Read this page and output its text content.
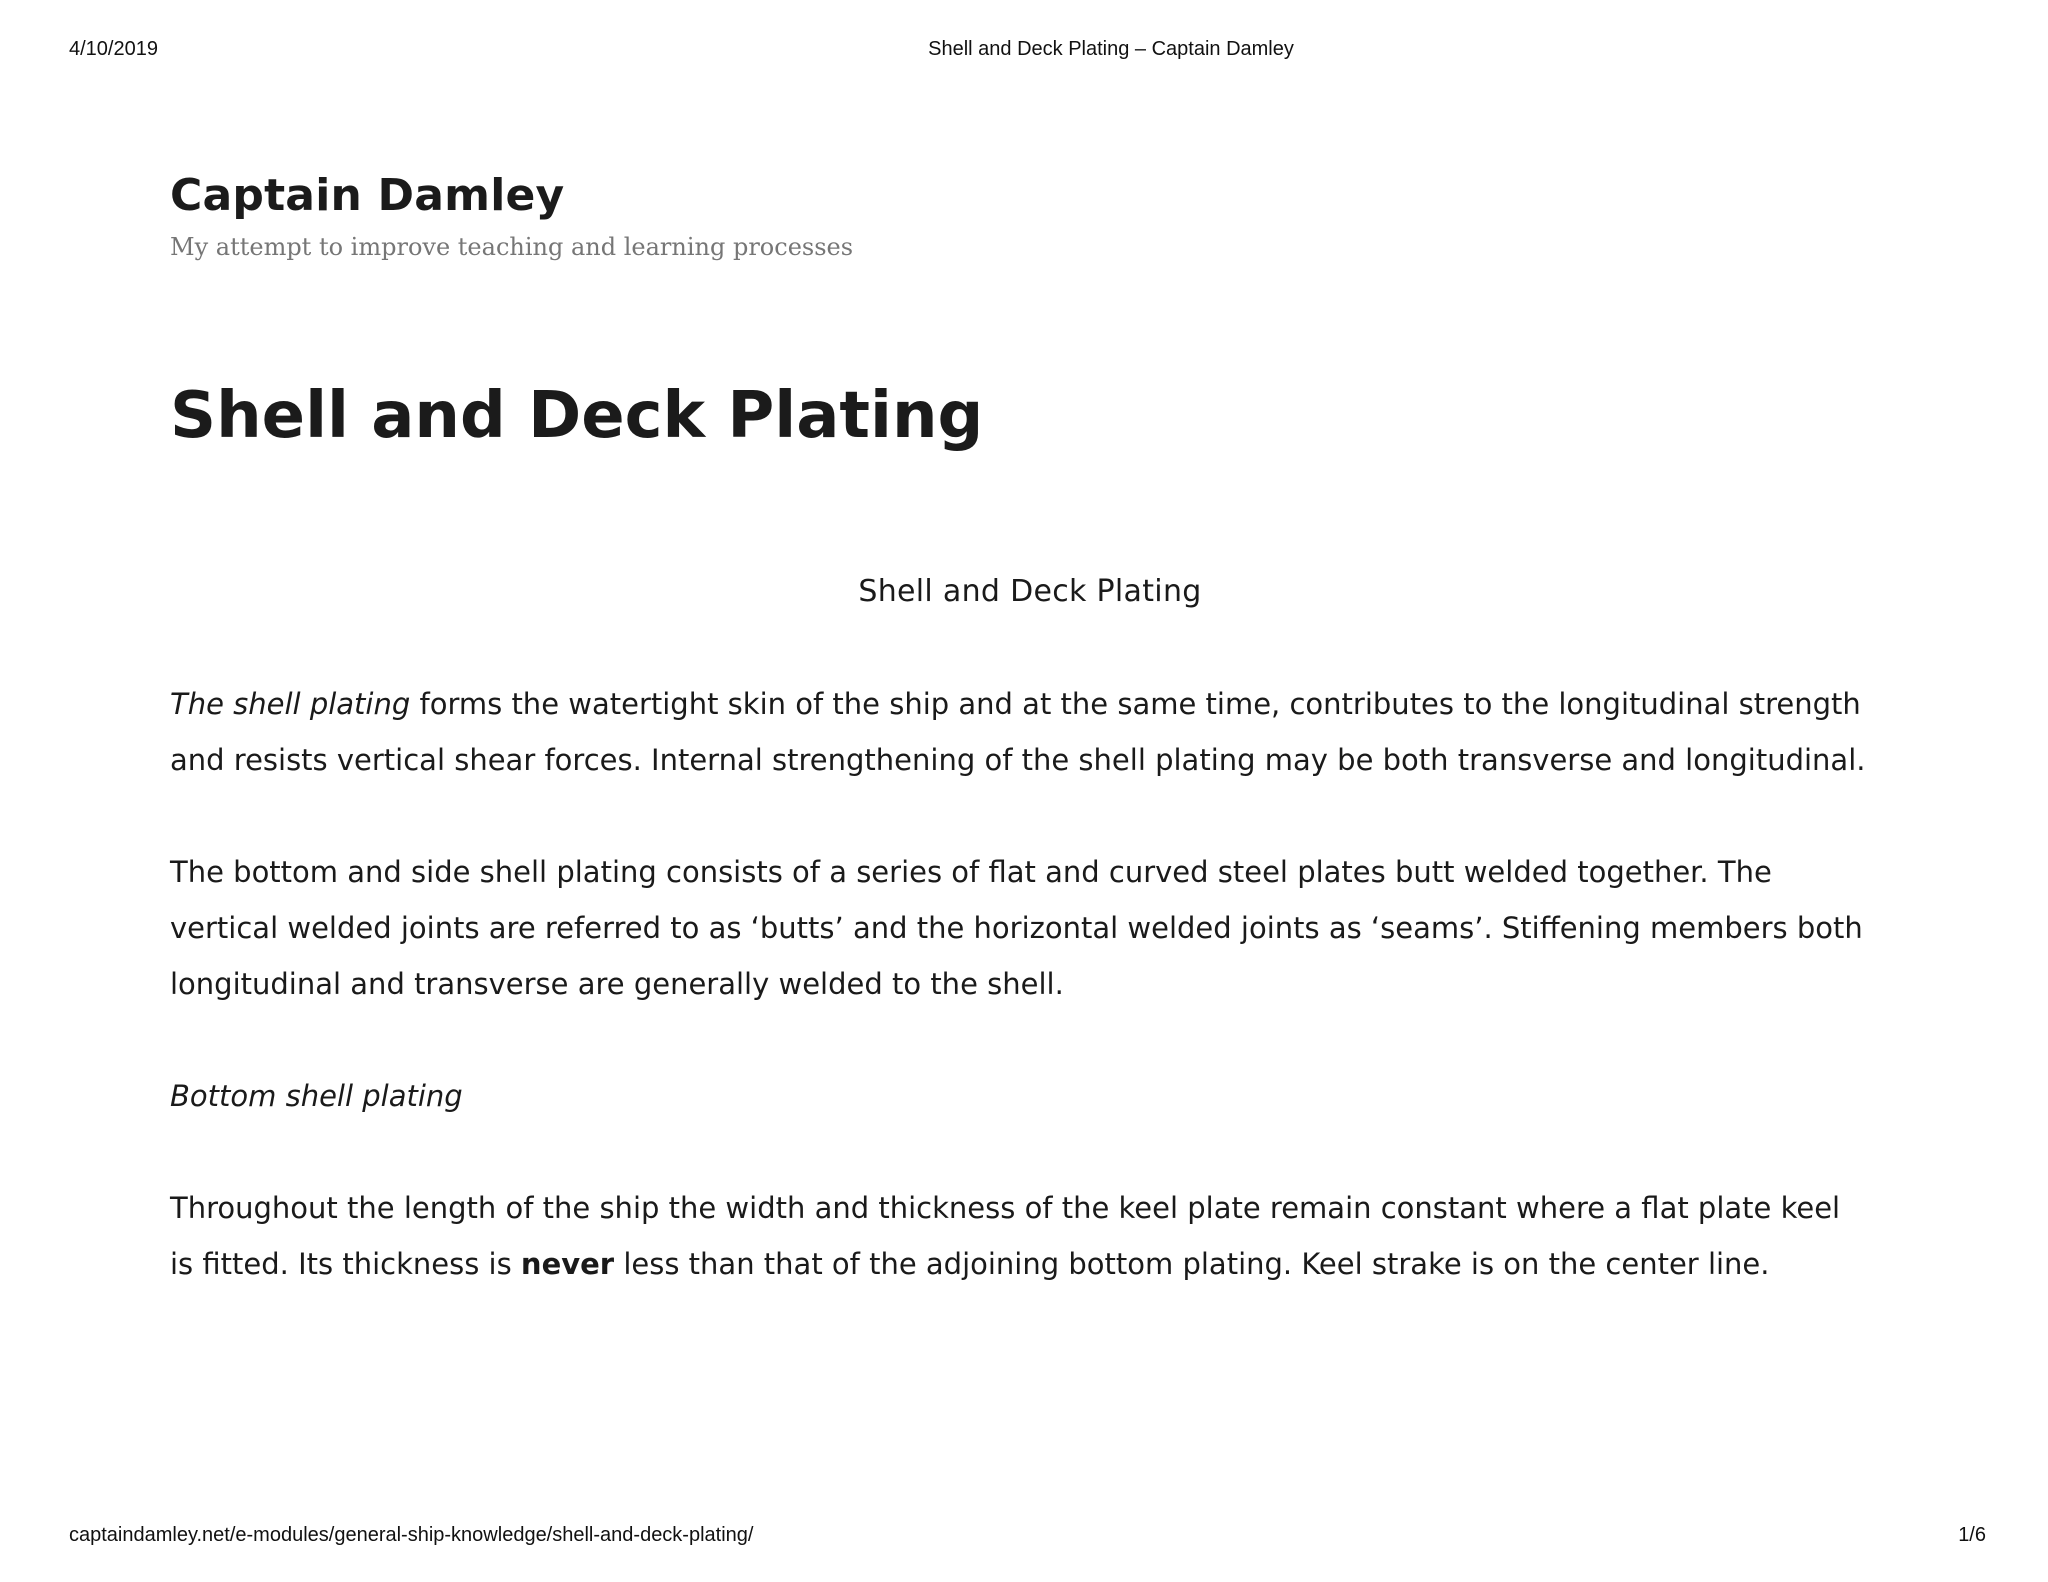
4/10/2019	Shell and Deck Plating – Captain Damley
Captain Damley
My attempt to improve teaching and learning processes
Shell and Deck Plating

Shell and Deck Plating

The shell plating forms the watertight skin of the ship and at the same time, contributes to the longitudinal strength and resists vertical shear forces. Internal strengthening of the shell plating may be both transverse and longitudinal.

The bottom and side shell plating consists of a series of flat and curved steel plates butt welded together. The vertical welded joints are referred to as ‘butts’ and the horizontal welded joints as ‘seams’. Stiffening members both longitudinal and transverse are generally welded to the shell.

Bottom shell plating

Throughout the length of the ship the width and thickness of the keel plate remain constant where a flat plate keel is fitted. Its thickness is never less than that of the adjoining bottom plating. Keel strake is on the center line.

captaindamley.net/e-modules/general-ship-knowledge/shell-and-deck-plating/	1/6
